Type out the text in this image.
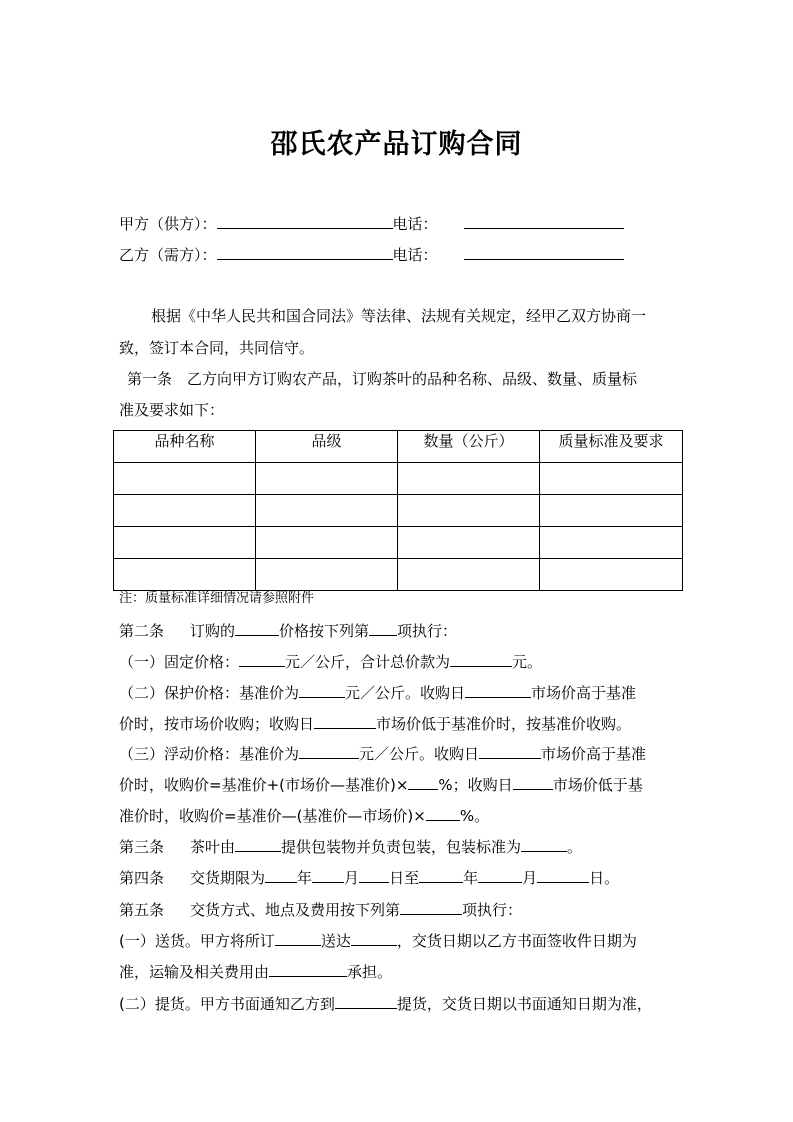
邵氏农产品订购合同
甲方（供方）：	电话：
乙方（需方）：	电话：
根据《中华人民共和国合同法》等法律、法规有关规定，经甲乙双方协商一
致，签订本合同，共同信守。
第一条　乙方向甲方订购农产品，订购茶叶的品种名称、品级、数量、质量标
准及要求如下：
品种名称	品级	数量（公斤）	质量标准及要求

注：质量标准详细情况请参照附件
第二条 订购的	价格按下列第 项执行：
（一）固定价格：	元／公斤，合计总价款为	元。
（二）保护价格：基准价为	元／公斤。收购日	市场价高于基准
价时，按市场价收购；收购日	市场价低于基准价时，按基准价收购。
（三）浮动价格：基准价为	元／公斤。收购日	市场价高于基准
价时，收购价=基准价+(市场价—基准价)× %；收购日	市场价低于基
准价时，收购价=基准价—(基准价—市场价)× %。
第三条 茶叶由	提供包装物并负责包装，包装标准为	。
第四条 交货期限为 年 月 日至	年	月	日。
第五条 交货方式、地点及费用按下列第	项执行：
(一）送货。甲方将所订	送达	，交货日期以乙方书面签收件日期为
准，运输及相关费用由	承担。
(二）提货。甲方书面通知乙方到	提货，交货日期以书面通知日期为准，
